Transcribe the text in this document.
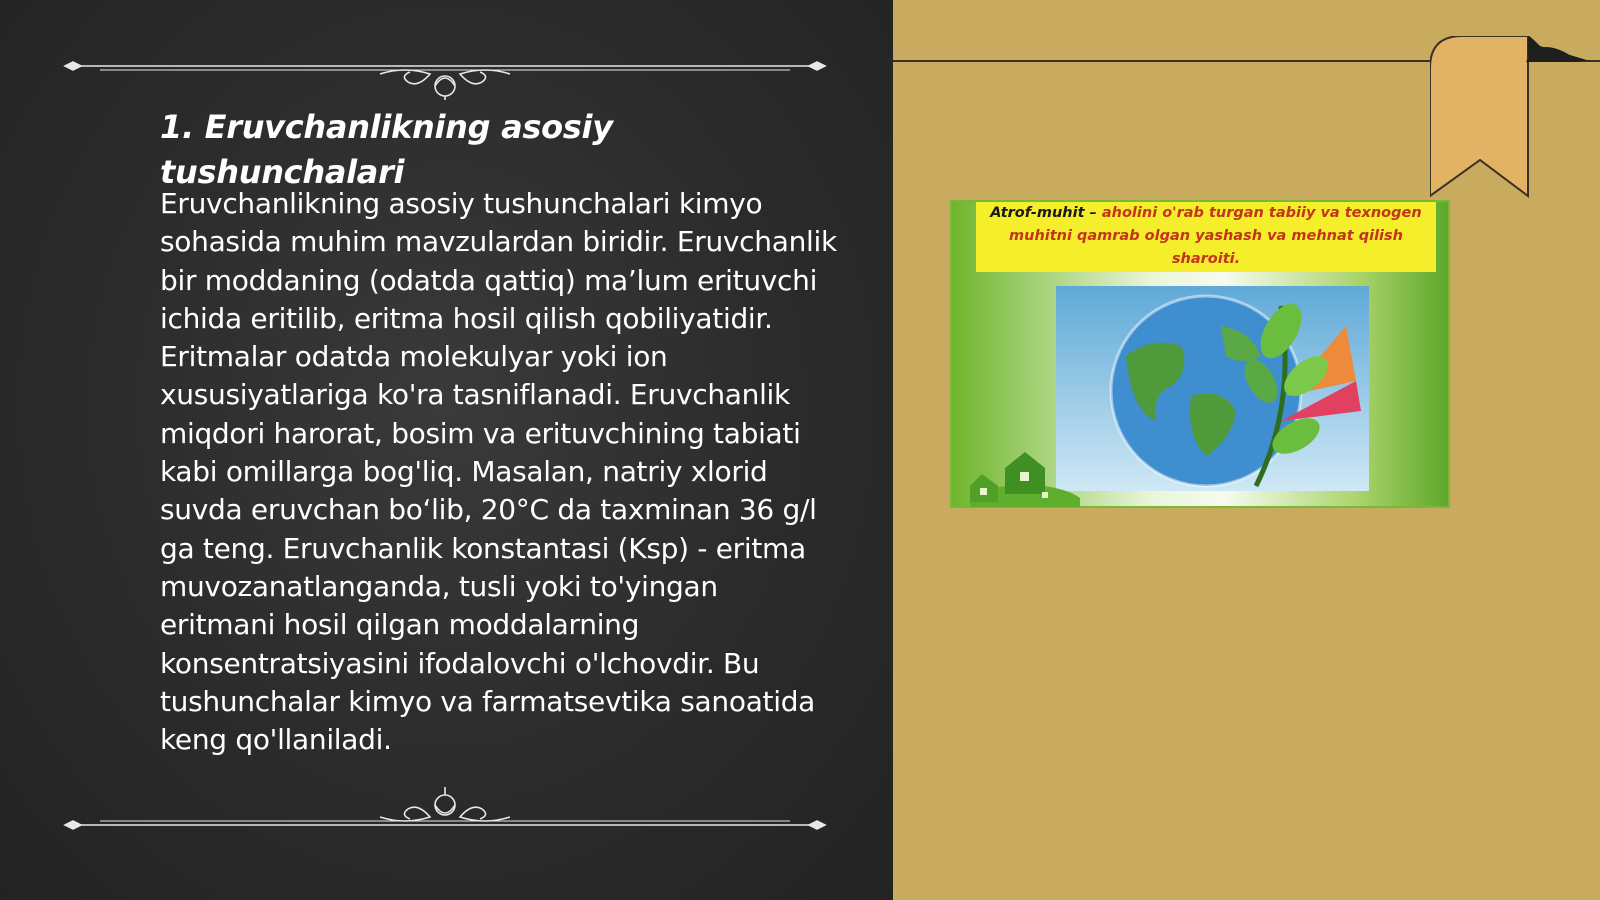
1. Eruvchanlikning asosiy tushunchalari

Eruvchanlikning asosiy tushunchalari kimyo sohasida muhim mavzulardan biridir. Eruvchanlik bir moddaning (odatda qattiq) ma’lum erituvchi ichida eritilib, eritma hosil qilish qobiliyatidir. Eritmalar odatda molekulyar yoki ion xususiyatlariga ko'ra tasniflanadi. Eruvchanlik miqdori harorat, bosim va erituvchining tabiati kabi omillarga bog'liq. Masalan, natriy xlorid suvda eruvchan bo‘lib, 20°C da taxminan 36 g/l ga teng. Eruvchanlik konstantasi (Ksp) - eritma muvozanatlanganda, tusli yoki to'yingan eritmani hosil qilgan moddalarning konsentratsiyasini ifodalovchi o'lchovdir. Bu tushunchalar kimyo va farmatsevtika sanoatida keng qo'llaniladi.

Atrof-muhit – aholini o'rab turgan tabiiy va texnogen muhitni qamrab olgan yashash va mehnat qilish sharoiti.
